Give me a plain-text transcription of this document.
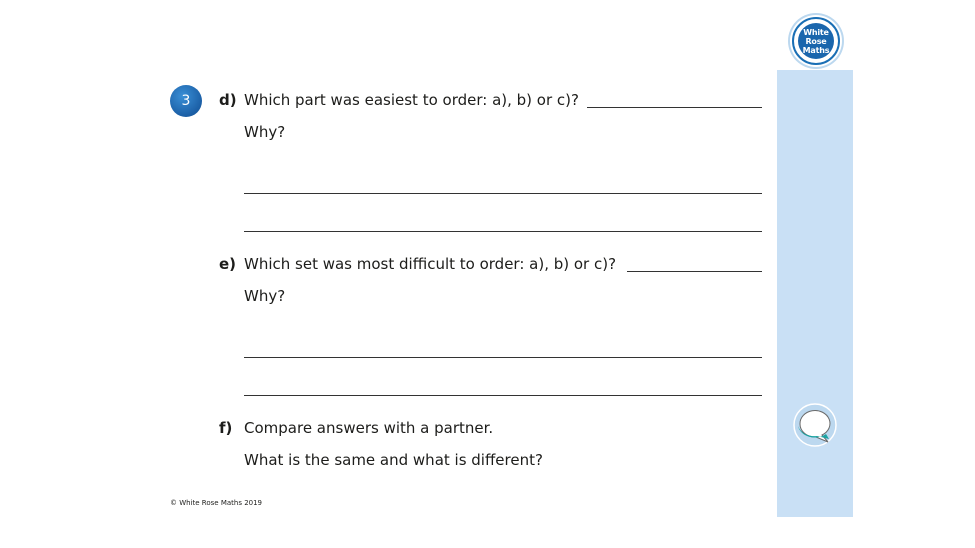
White
Rose
Maths
3 d) Which part was easiest to order: a), b) or c)?
Why?
e) Which set was most difficult to order: a), b) or c)?
Why?
f) Compare answers with a partner.
What is the same and what is different?
© White Rose Maths 2019
